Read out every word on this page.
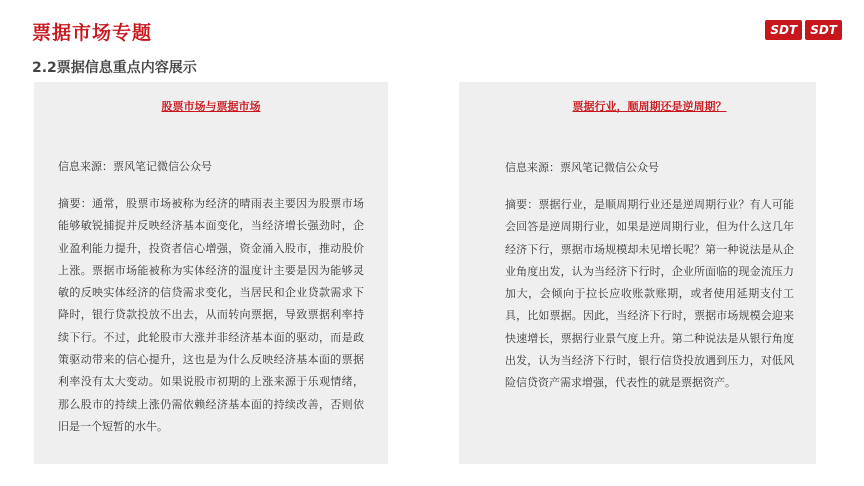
票据市场专题
2.2票据信息重点内容展示
SDT	SDT
股票市场与票据市场
信息来源：票风笔记微信公众号
摘要：通常，股票市场被称为经济的晴雨表主要因为股票市场能够敏锐捕捉并反映经济基本面变化，当经济增长强劲时，企业盈利能力提升，投资者信心增强，资金涌入股市，推动股价上涨。票据市场能被称为实体经济的温度计主要是因为能够灵敏的反映实体经济的信贷需求变化，当居民和企业贷款需求下降时，银行贷款投放不出去，从而转向票据，导致票据利率持续下行。不过，此轮股市大涨并非经济基本面的驱动，而是政策驱动带来的信心提升，这也是为什么反映经济基本面的票据利率没有太大变动。如果说股市初期的上涨来源于乐观情绪，那么股市的持续上涨仍需依赖经济基本面的持续改善，否则依旧是一个短暂的水牛。
票据行业，顺周期还是逆周期？
信息来源：票风笔记微信公众号
摘要：票据行业，是顺周期行业还是逆周期行业？有人可能会回答是逆周期行业，如果是逆周期行业，但为什么这几年经济下行，票据市场规模却未见增长呢？第一种说法是从企业角度出发，认为当经济下行时，企业所面临的现金流压力加大，会倾向于拉长应收账款账期，或者使用延期支付工具，比如票据。因此，当经济下行时，票据市场规模会迎来快速增长，票据行业景气度上升。第二种说法是从银行角度出发，认为当经济下行时，银行信贷投放遇到压力，对低风险信贷资产需求增强，代表性的就是票据资产。
